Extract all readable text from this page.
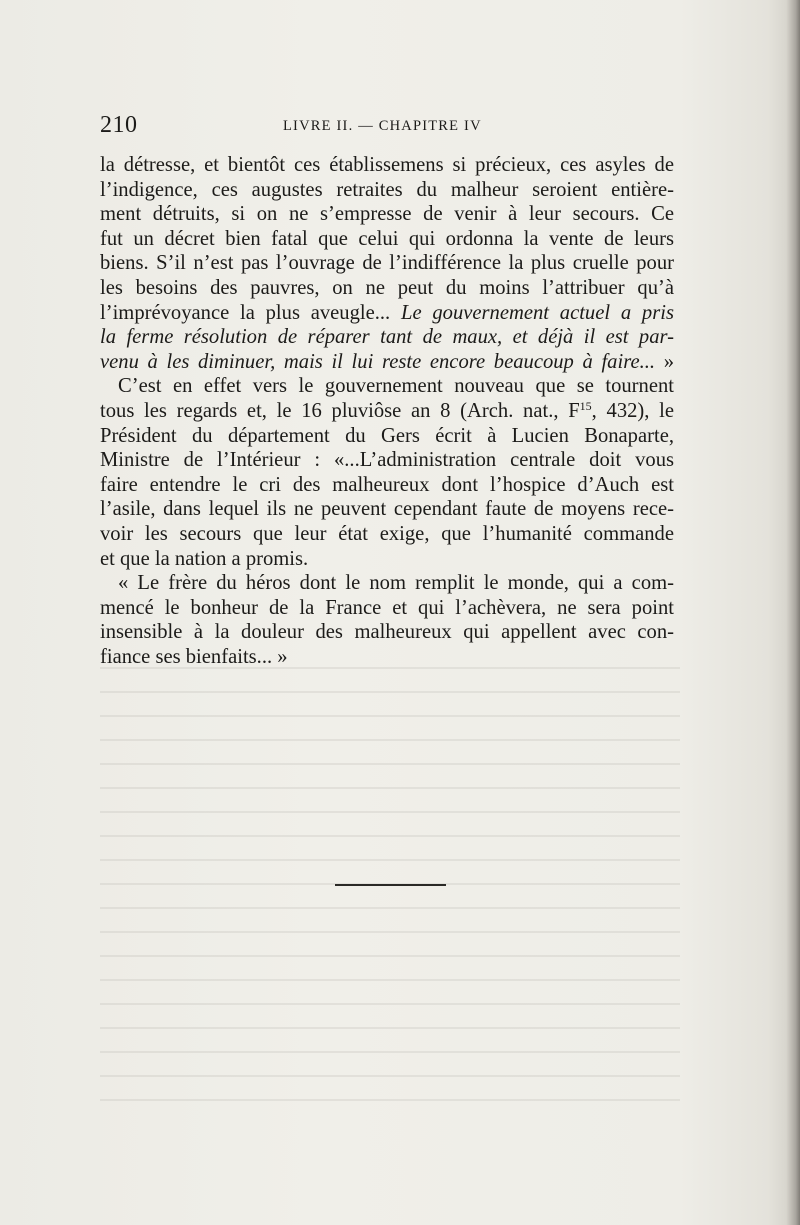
210	LIVRE II. — CHAPITRE IV
la détresse, et bientôt ces établissemens si précieux, ces asyles de
l’indigence, ces augustes retraites du malheur seroient entière-
ment détruits, si on ne s’empresse de venir à leur secours. Ce
fut un décret bien fatal que celui qui ordonna la vente de leurs
biens. S’il n’est pas l’ouvrage de l’indifférence la plus cruelle pour
les besoins des pauvres, on ne peut du moins l’attribuer qu’à
l’imprévoyance la plus aveugle... Le gouvernement actuel a pris
la ferme résolution de réparer tant de maux, et déjà il est par-
venu à les diminuer, mais il lui reste encore beaucoup à faire... »
C’est en effet vers le gouvernement nouveau que se tournent
tous les regards et, le 16 pluviôse an 8 (Arch. nat., $F^{15}$, 432), le
Président du département du Gers écrit à Lucien Bonaparte,
Ministre de l’Intérieur : «...L’administration centrale doit vous
faire entendre le cri des malheureux dont l’hospice d’Auch est
l’asile, dans lequel ils ne peuvent cependant faute de moyens rece-
voir les secours que leur état exige, que l’humanité commande
et que la nation a promis.
« Le frère du héros dont le nom remplit le monde, qui a com-
mencé le bonheur de la France et qui l’achèvera, ne sera point
insensible à la douleur des malheureux qui appellent avec con-
fiance ses bienfaits... »
